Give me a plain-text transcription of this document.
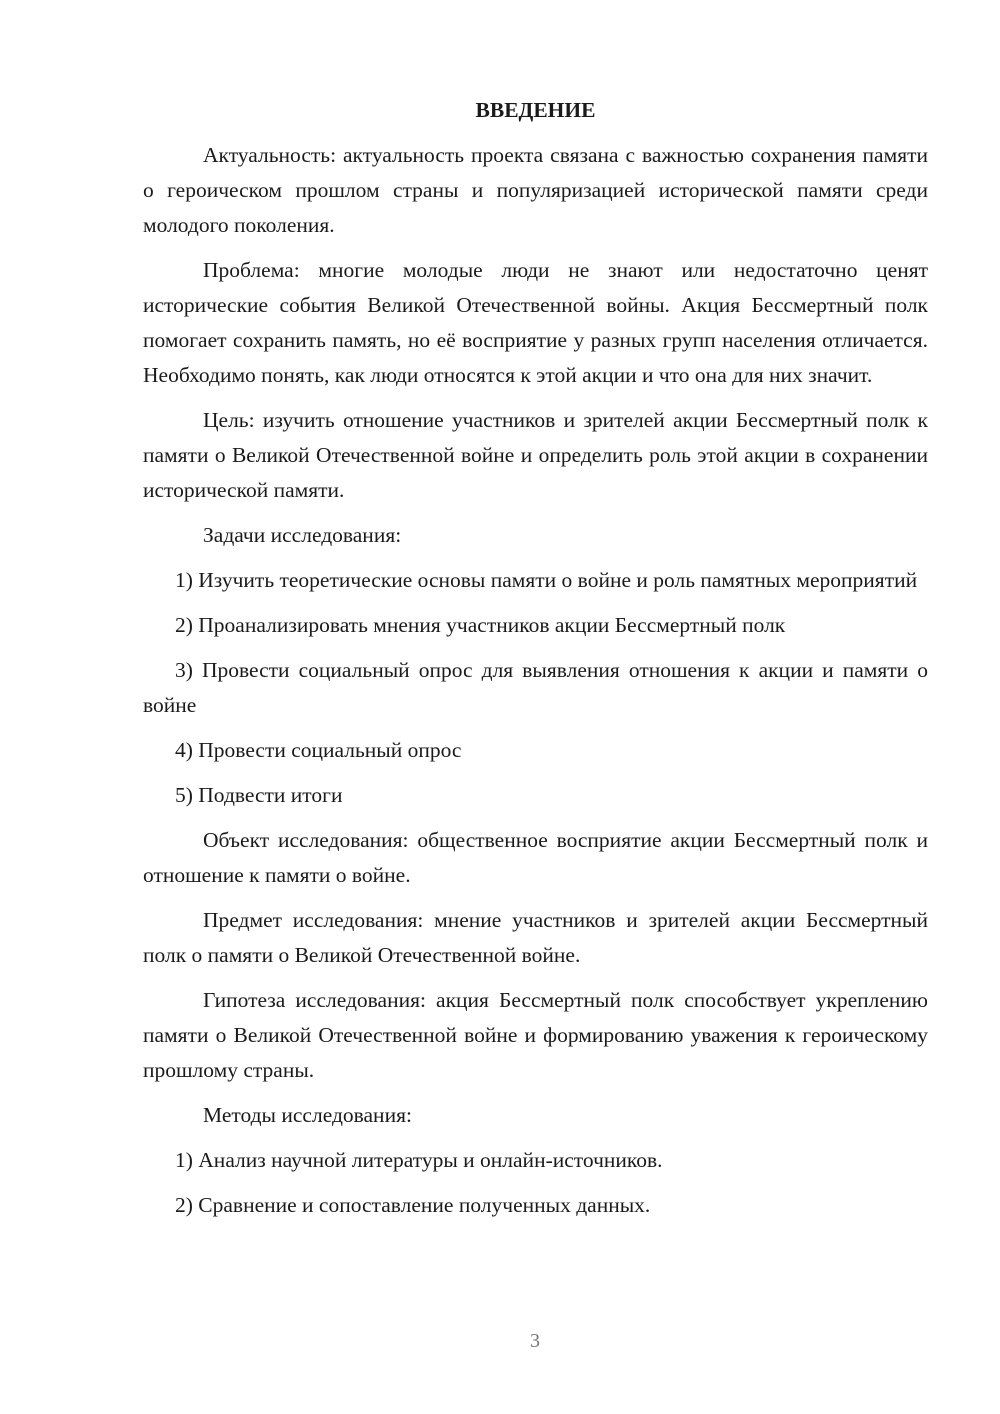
ВВЕДЕНИЕ

Актуальность: актуальность проекта связана с важностью сохранения памяти о героическом прошлом страны и популяризацией исторической памяти среди молодого поколения.

Проблема: многие молодые люди не знают или недостаточно ценят исторические события Великой Отечественной войны. Акция Бессмертный полк помогает сохранить память, но её восприятие у разных групп населения отличается. Необходимо понять, как люди относятся к этой акции и что она для них значит.

Цель: изучить отношение участников и зрителей акции Бессмертный полк к памяти о Великой Отечественной войне и определить роль этой акции в сохранении исторической памяти.

Задачи исследования:

1) Изучить теоретические основы памяти о войне и роль памятных мероприятий

2) Проанализировать мнения участников акции Бессмертный полк

3) Провести социальный опрос для выявления отношения к акции и памяти о войне

4) Провести социальный опрос

5) Подвести итоги

Объект исследования: общественное восприятие акции Бессмертный полк и отношение к памяти о войне.

Предмет исследования: мнение участников и зрителей акции Бессмертный полк о памяти о Великой Отечественной войне.

Гипотеза исследования: акция Бессмертный полк способствует укреплению памяти о Великой Отечественной войне и формированию уважения к героическому прошлому страны.

Методы исследования:

1) Анализ научной литературы и онлайн-источников.

2) Сравнение и сопоставление полученных данных.

3
